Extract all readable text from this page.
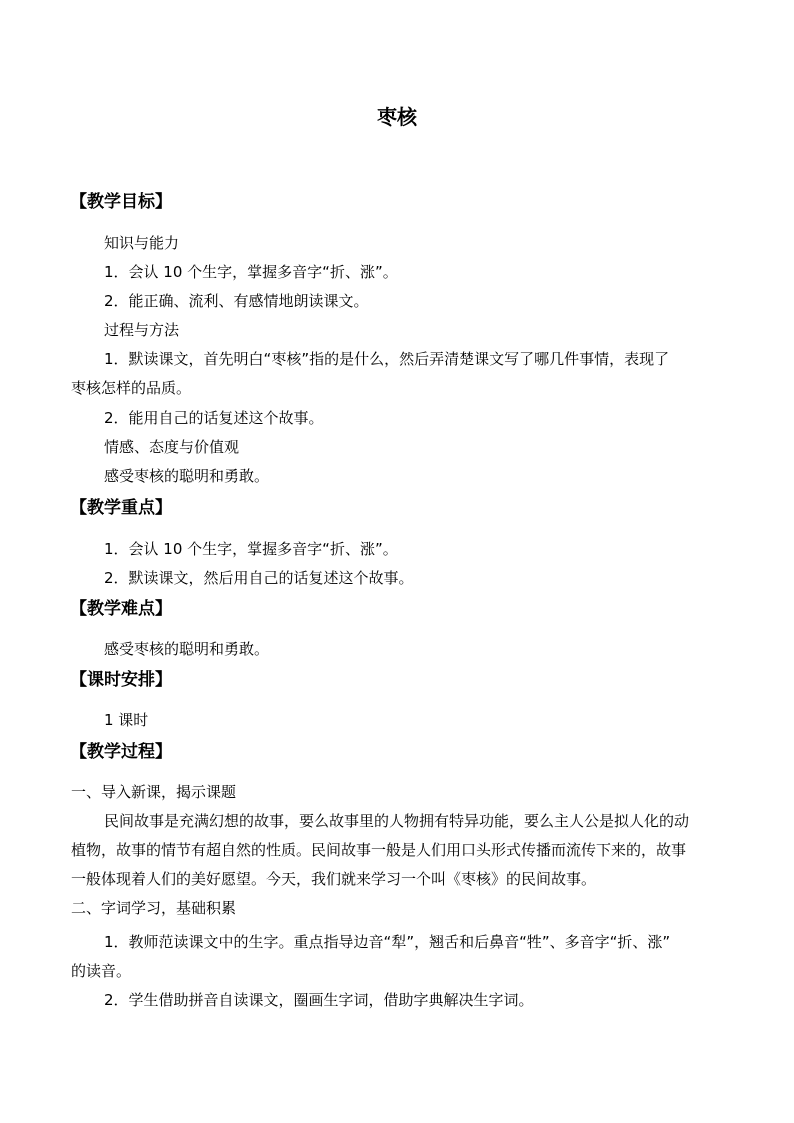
枣核
【教学目标】
知识与能力
1．会认 10 个生字，掌握多音字“折、涨”。
2．能正确、流利、有感情地朗读课文。
过程与方法
1．默读课文，首先明白“枣核”指的是什么，然后弄清楚课文写了哪几件事情，表现了
枣核怎样的品质。
2．能用自己的话复述这个故事。
情感、态度与价值观
感受枣核的聪明和勇敢。
【教学重点】
1．会认 10 个生字，掌握多音字“折、涨”。
2．默读课文，然后用自己的话复述这个故事。
【教学难点】
感受枣核的聪明和勇敢。
【课时安排】
1 课时
【教学过程】
一、导入新课，揭示课题
民间故事是充满幻想的故事，要么故事里的人物拥有特异功能，要么主人公是拟人化的动
植物，故事的情节有超自然的性质。民间故事一般是人们用口头形式传播而流传下来的，故事
一般体现着人们的美好愿望。今天，我们就来学习一个叫《枣核》的民间故事。
二、字词学习，基础积累
1．教师范读课文中的生字。重点指导边音“犁”，翘舌和后鼻音“牲”、多音字“折、涨”
的读音。
2．学生借助拼音自读课文，圈画生字词，借助字典解决生字词。
